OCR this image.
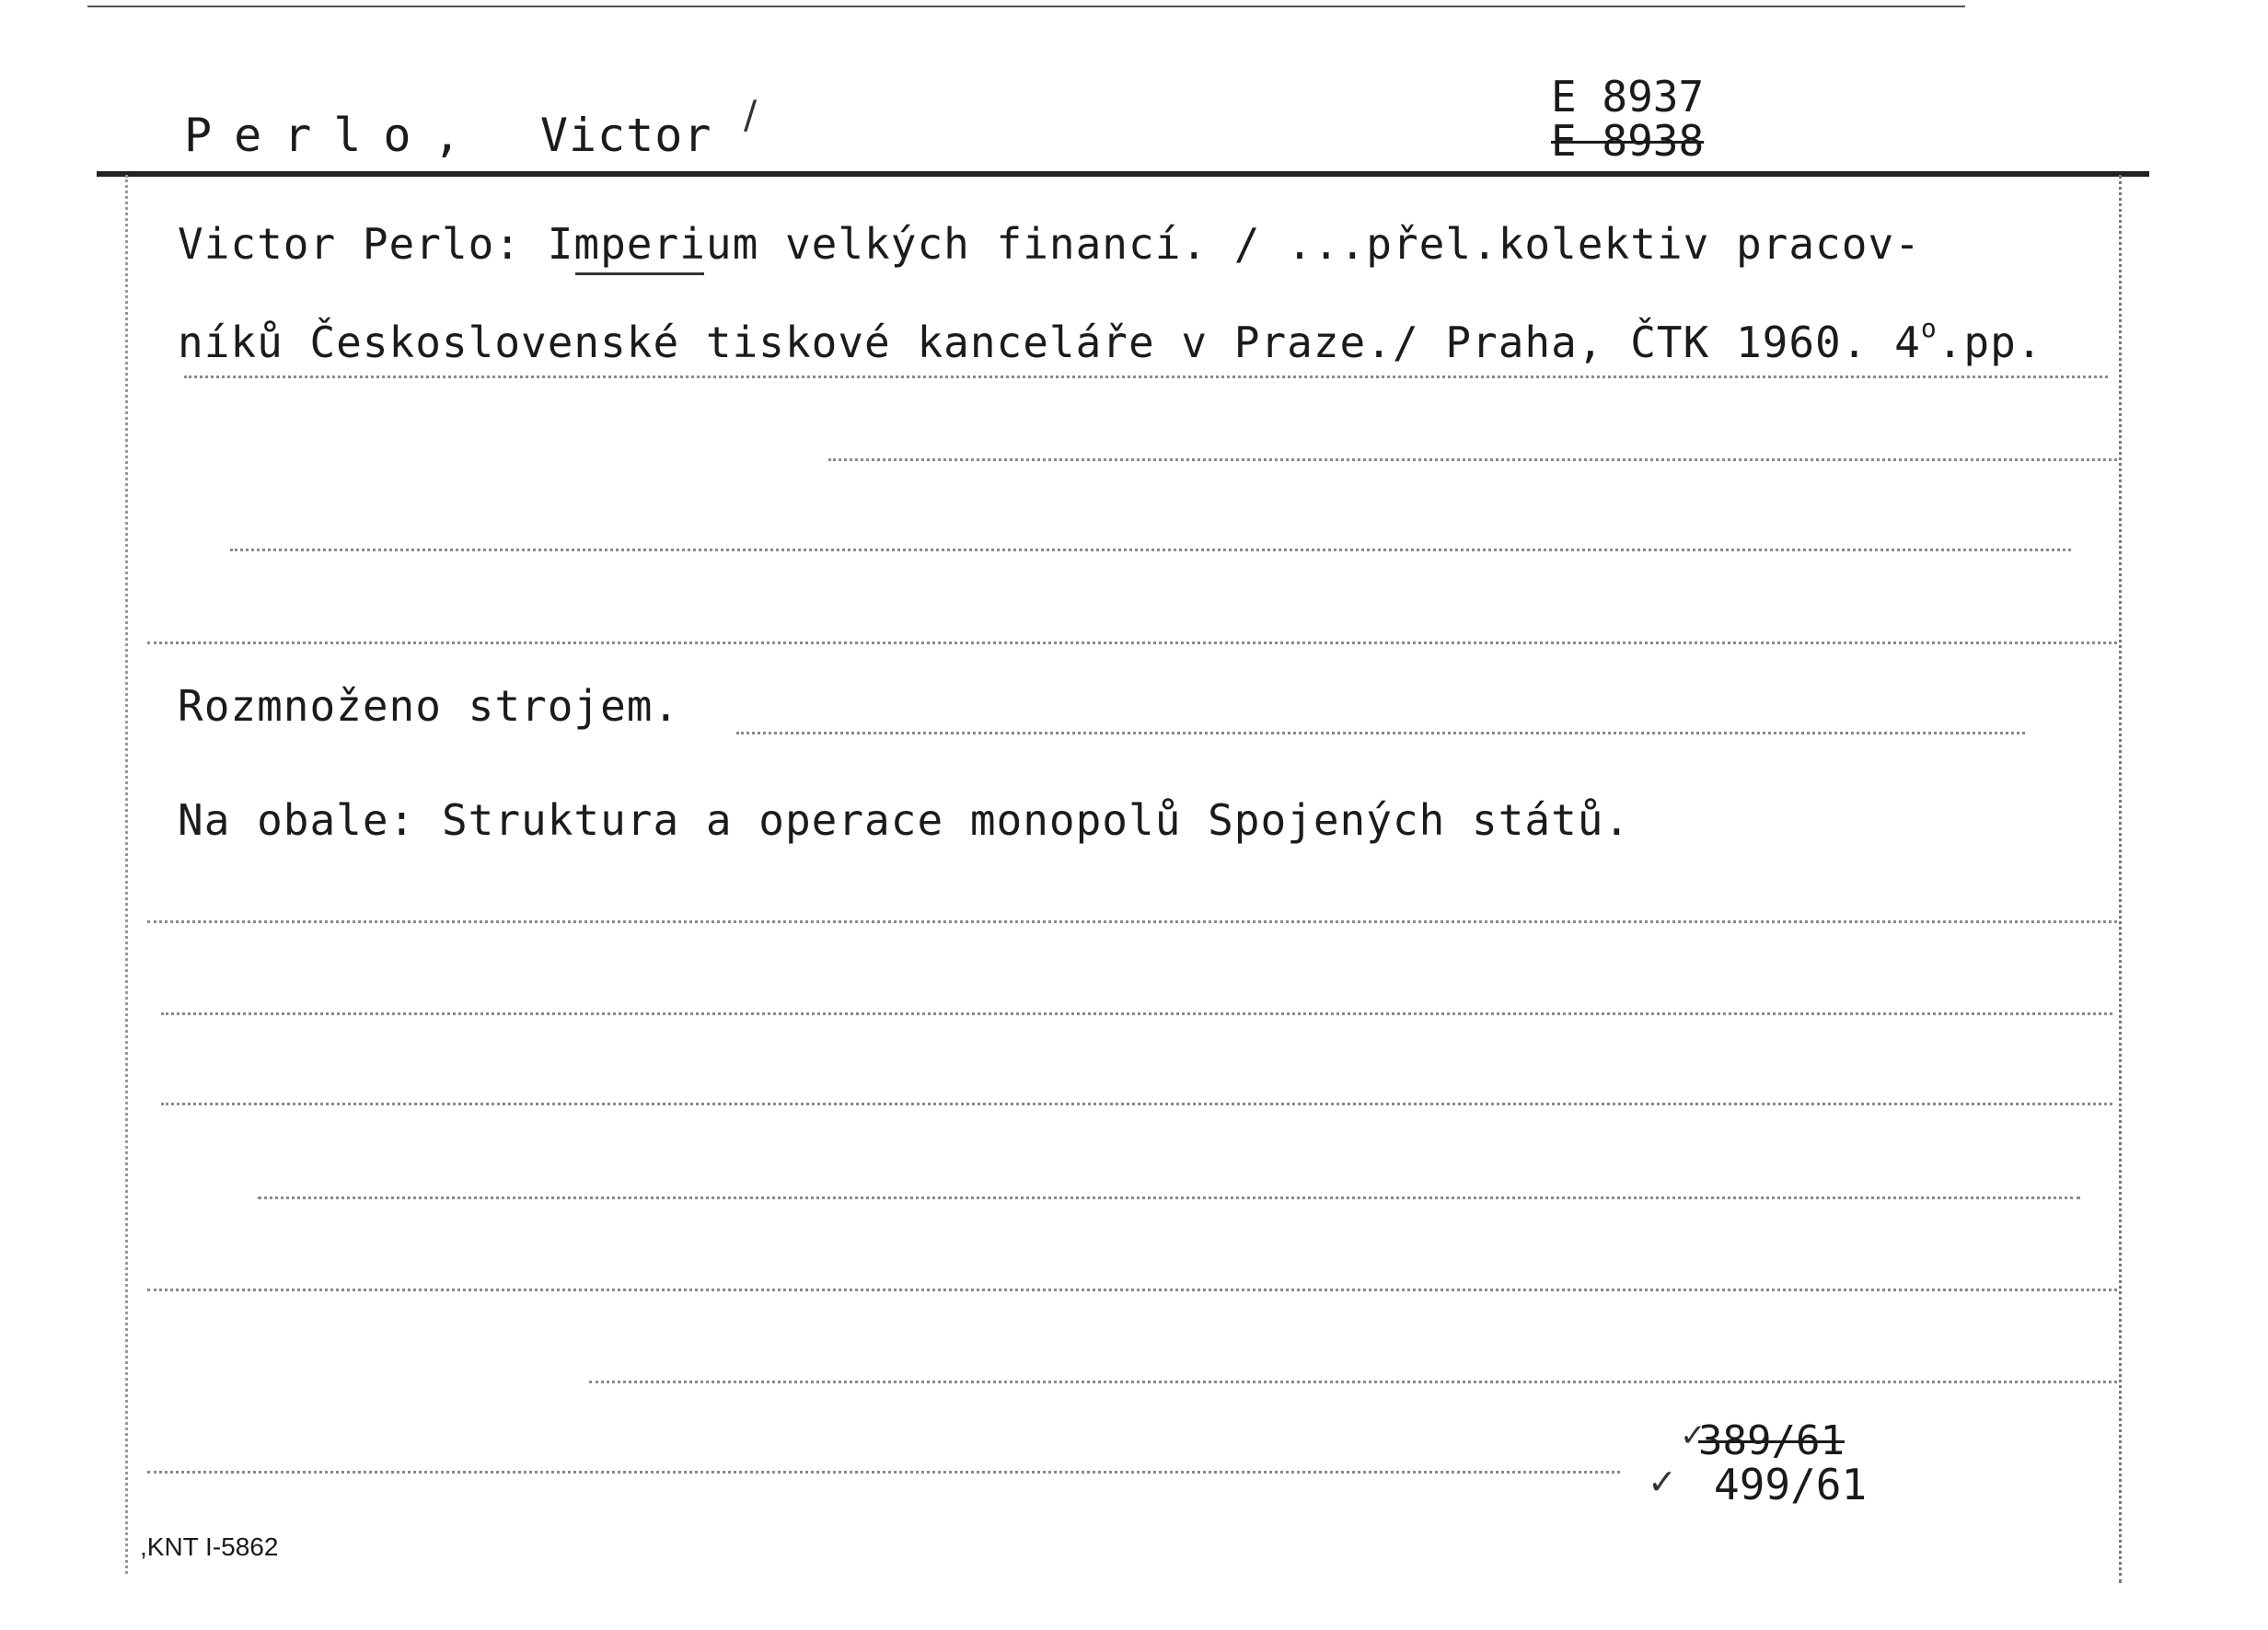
Perlo, Victor ∕	E 8937
E 8938
Victor Perlo: Imperium velkých financí. / ...přel.kolektiv pracov-
níků Československé tiskové kanceláře v Praze./ Praha, ČTK 1960. 4$^o$.pp.
Rozmnoženo strojem.
Na obale: Struktura a operace monopolů Spojených států.
✓
389/61
✓ 499/61
,KNT I-5862
